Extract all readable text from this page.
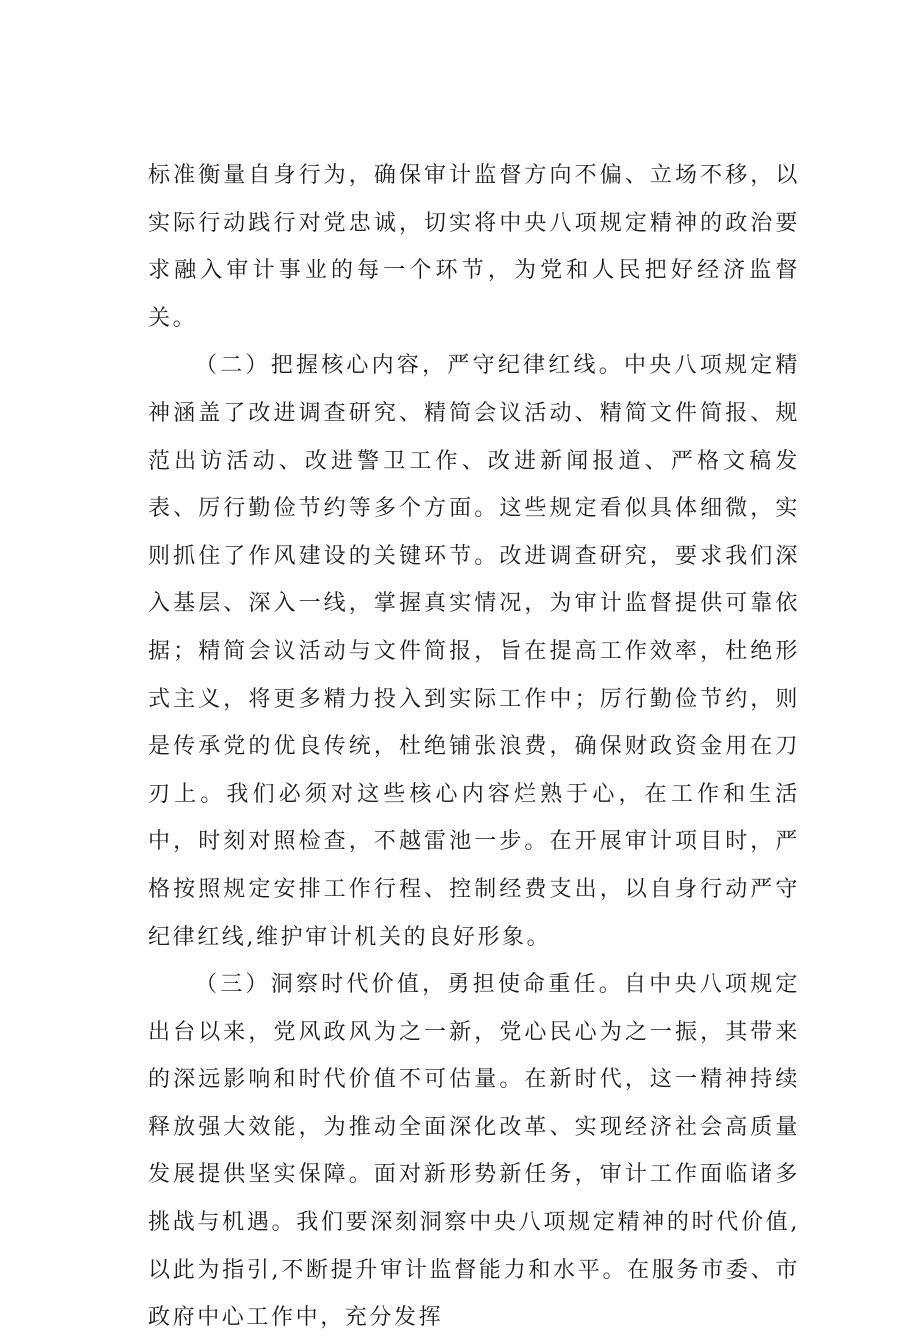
标准衡量自身行为，确保审计监督方向不偏、立场不移，以实际行动践行对党忠诚，切实将中央八项规定精神的政治要求融入审计事业的每一个环节，为党和人民把好经济监督关。

（二）把握核心内容，严守纪律红线。中央八项规定精神涵盖了改进调查研究、精简会议活动、精简文件简报、规范出访活动、改进警卫工作、改进新闻报道、严格文稿发表、厉行勤俭节约等多个方面。这些规定看似具体细微，实则抓住了作风建设的关键环节。改进调查研究，要求我们深入基层、深入一线，掌握真实情况，为审计监督提供可靠依据；精简会议活动与文件简报，旨在提高工作效率，杜绝形式主义，将更多精力投入到实际工作中；厉行勤俭节约，则是传承党的优良传统，杜绝铺张浪费，确保财政资金用在刀刃上。我们必须对这些核心内容烂熟于心，在工作和生活中，时刻对照检查，不越雷池一步。在开展审计项目时，严格按照规定安排工作行程、控制经费支出，以自身行动严守纪律红线,维护审计机关的良好形象。

（三）洞察时代价值，勇担使命重任。自中央八项规定出台以来，党风政风为之一新，党心民心为之一振，其带来的深远影响和时代价值不可估量。在新时代，这一精神持续释放强大效能，为推动全面深化改革、实现经济社会高质量发展提供坚实保障。面对新形势新任务，审计工作面临诸多挑战与机遇。我们要深刻洞察中央八项规定精神的时代价值,以此为指引,不断提升审计监督能力和水平。在服务市委、市政府中心工作中，充分发挥
